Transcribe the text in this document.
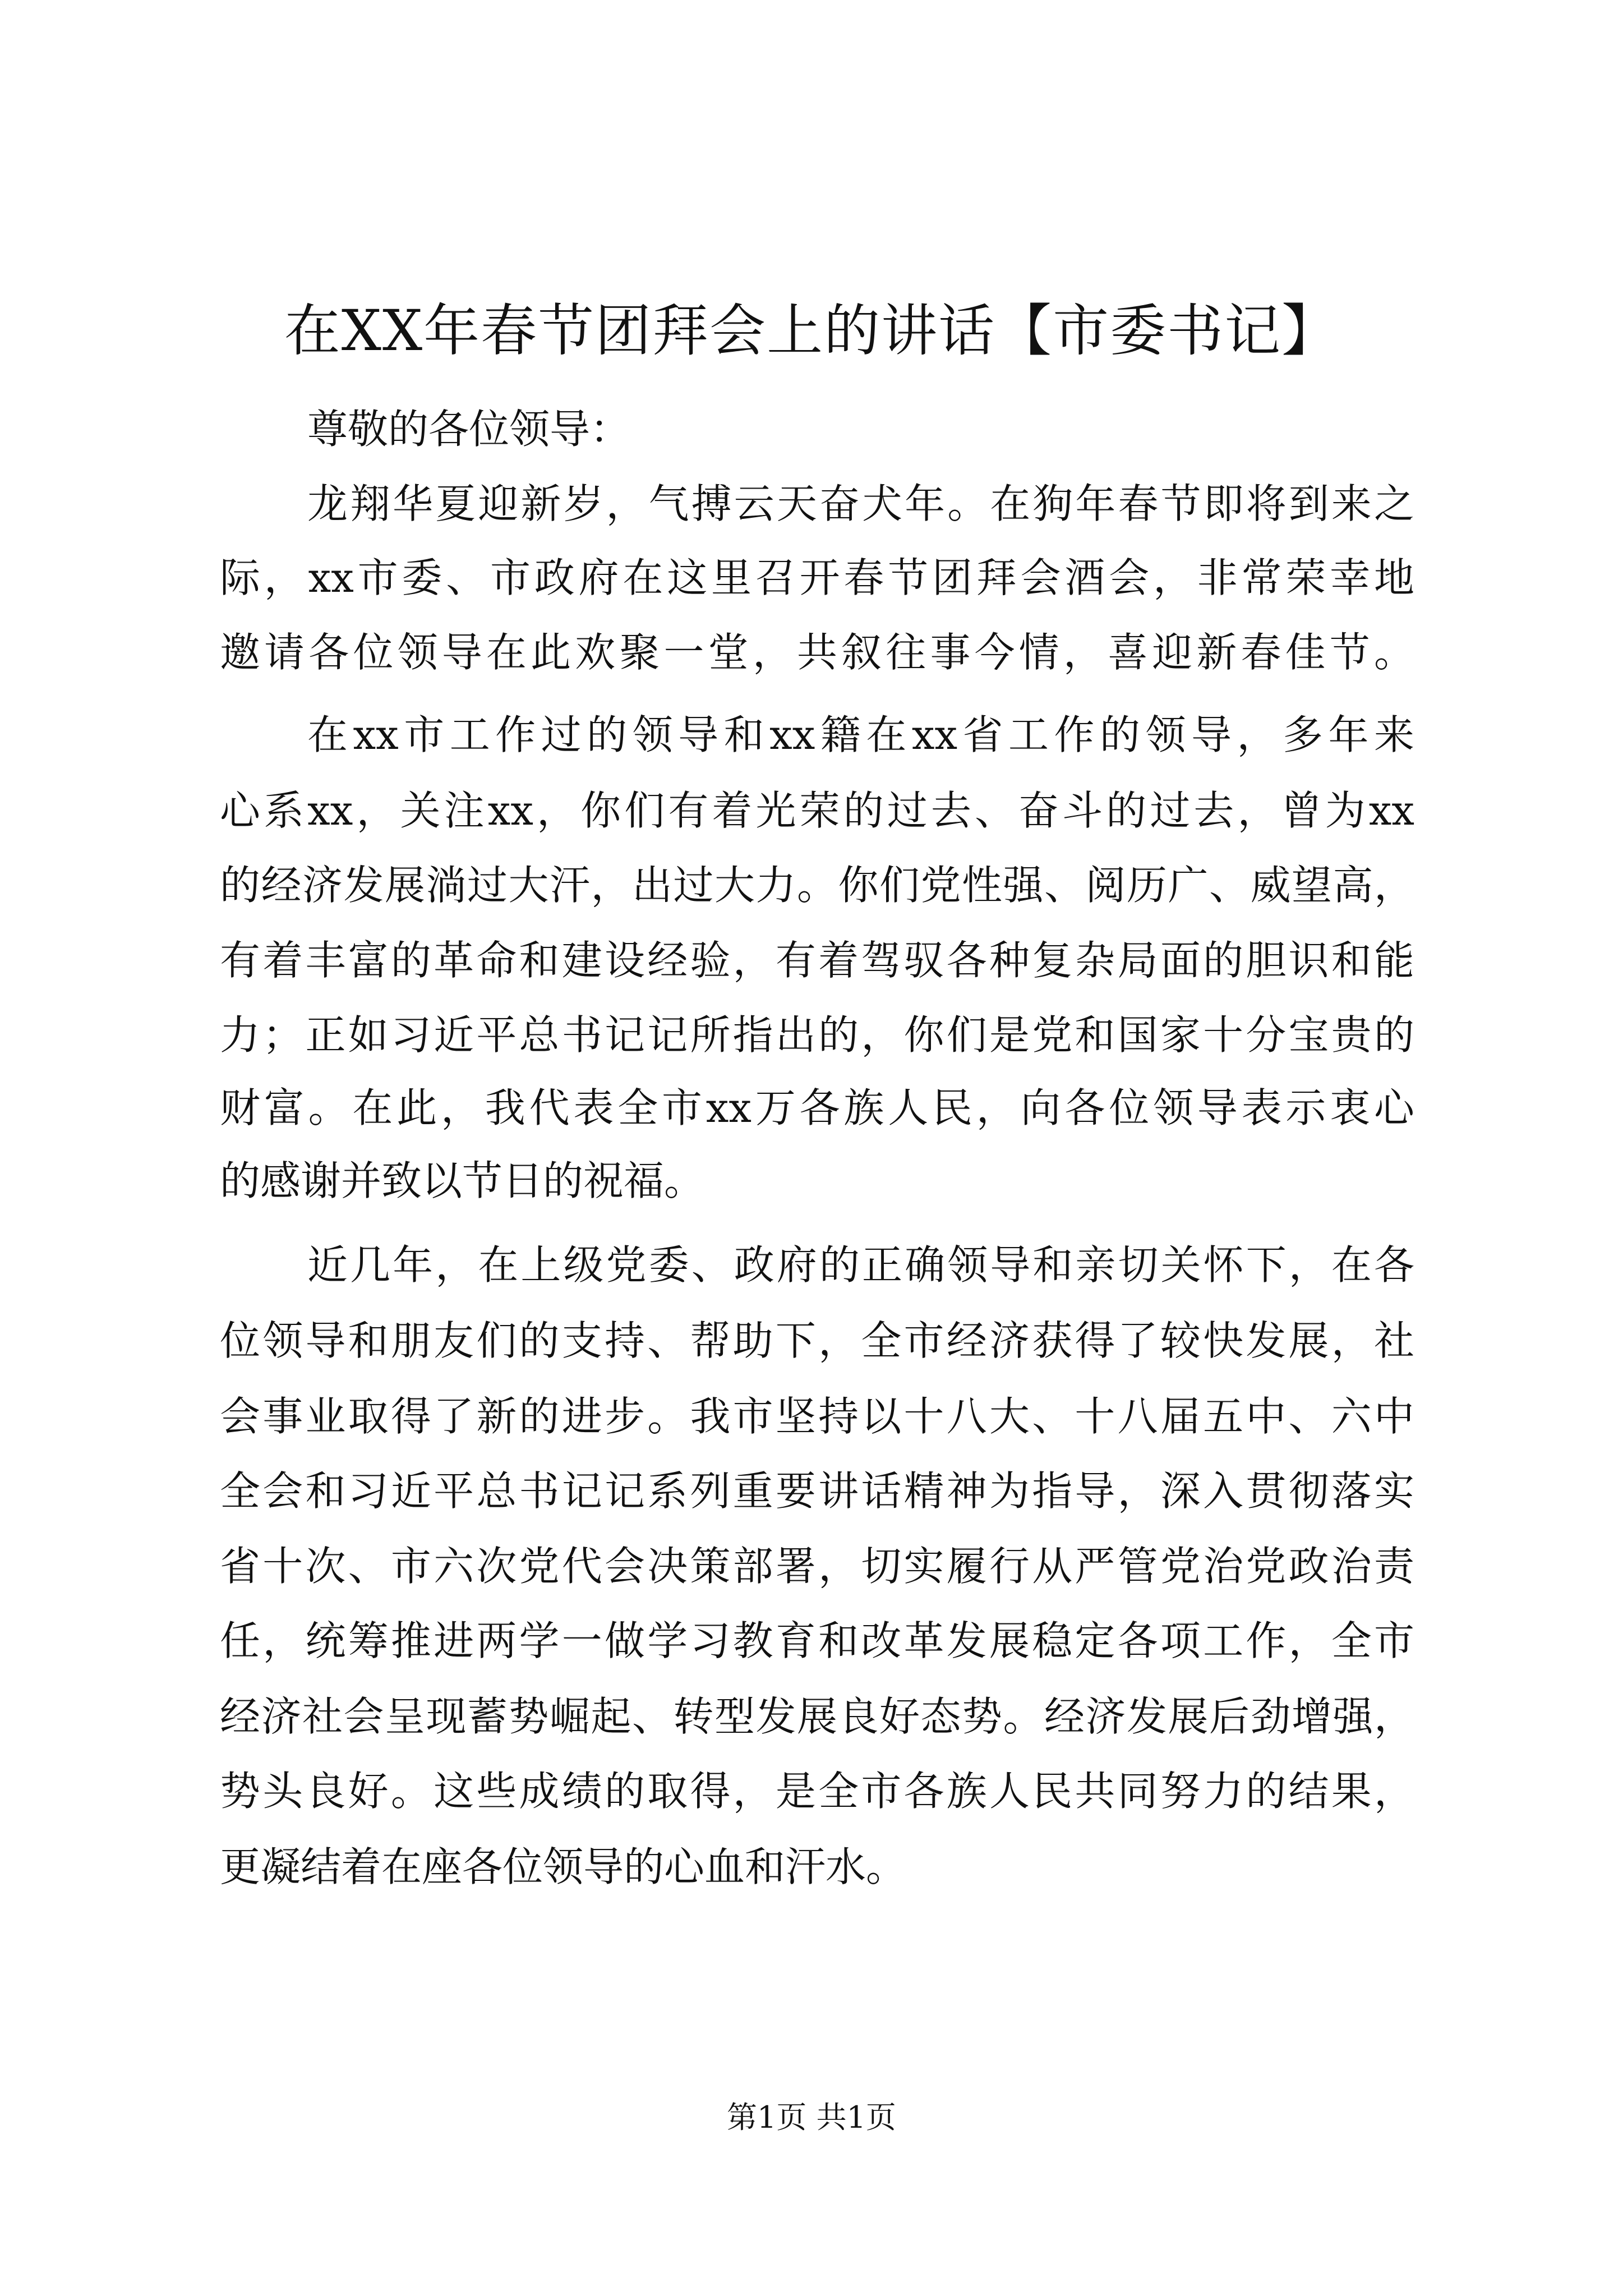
在XX年春节团拜会上的讲话【市委书记】
尊敬的各位领导：
龙翔华夏迎新岁，气搏云天奋犬年。在狗年春节即将到来之
际，xx市委、市政府在这里召开春节团拜会酒会，非常荣幸地
邀请各位领导在此欢聚一堂，共叙往事今情，喜迎新春佳节。
在xx市工作过的领导和xx籍在xx省工作的领导，多年来
心系xx，关注xx，你们有着光荣的过去、奋斗的过去，曾为xx
的经济发展淌过大汗，出过大力。你们党性强、阅历广、威望高，
有着丰富的革命和建设经验，有着驾驭各种复杂局面的胆识和能
力；正如习近平总书记记所指出的，你们是党和国家十分宝贵的
财富。在此，我代表全市xx万各族人民，向各位领导表示衷心
的感谢并致以节日的祝福。
近几年，在上级党委、政府的正确领导和亲切关怀下，在各
位领导和朋友们的支持、帮助下，全市经济获得了较快发展，社
会事业取得了新的进步。我市坚持以十八大、十八届五中、六中
全会和习近平总书记记系列重要讲话精神为指导，深入贯彻落实
省十次、市六次党代会决策部署，切实履行从严管党治党政治责
任，统筹推进两学一做学习教育和改革发展稳定各项工作，全市
经济社会呈现蓄势崛起、转型发展良好态势。经济发展后劲增强，
势头良好。这些成绩的取得，是全市各族人民共同努力的结果，
更凝结着在座各位领导的心血和汗水。
第1页 共1页
